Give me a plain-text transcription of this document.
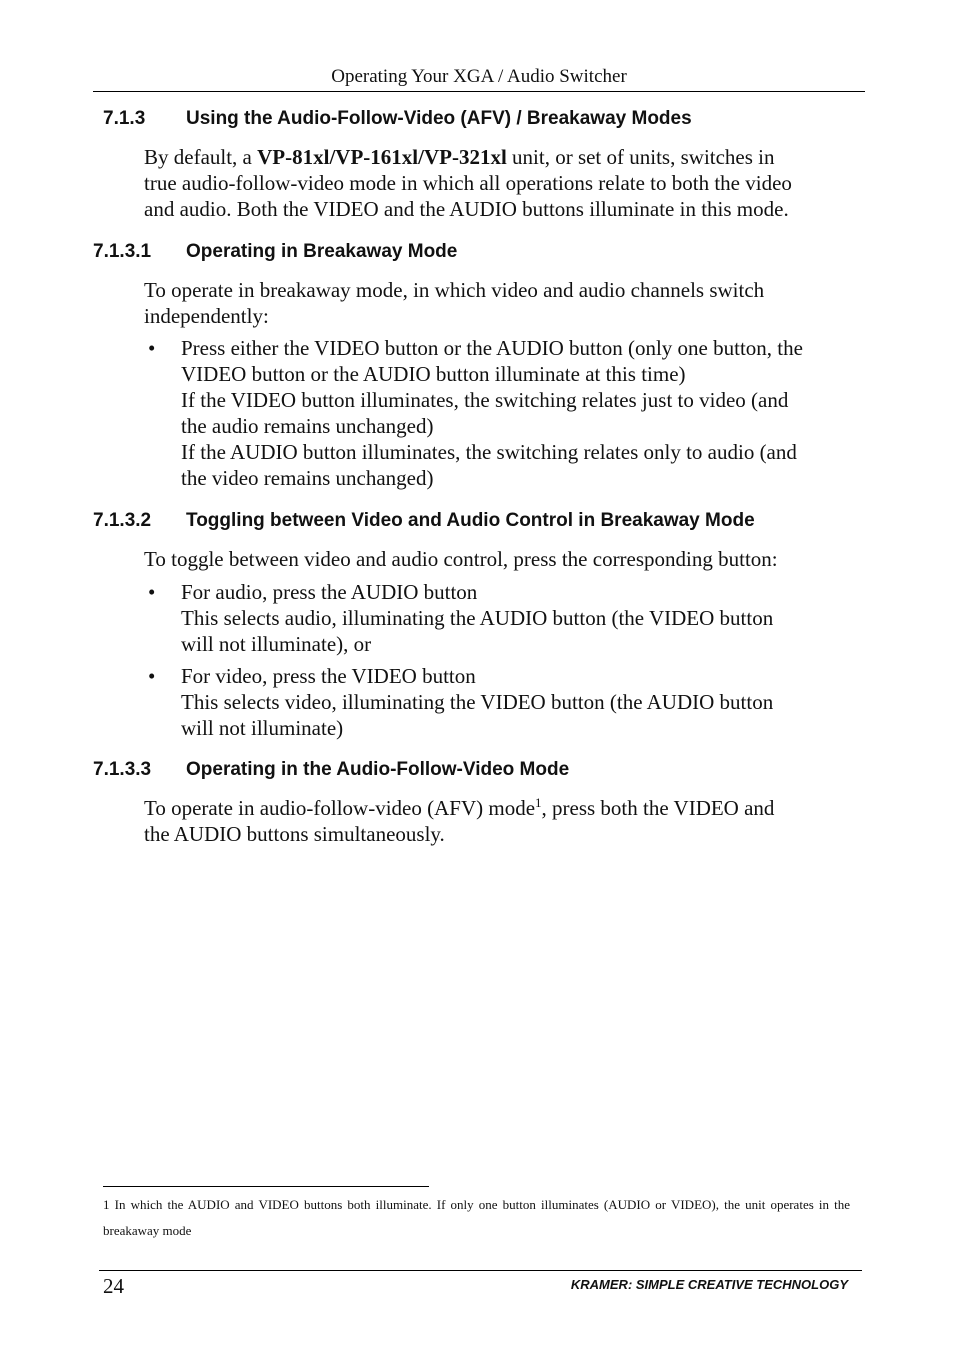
Operating Your XGA / Audio Switcher
7.1.3 Using the Audio-Follow-Video (AFV) / Breakaway Modes
By default, a VP-81xl/VP-161xl/VP-321xl unit, or set of units, switches in
true audio-follow-video mode in which all operations relate to both the video
and audio. Both the VIDEO and the AUDIO buttons illuminate in this mode.
7.1.3.1 Operating in Breakaway Mode
To operate in breakaway mode, in which video and audio channels switch
independently:
• Press either the VIDEO button or the AUDIO button (only one button, the
VIDEO button or the AUDIO button illuminate at this time)
If the VIDEO button illuminates, the switching relates just to video (and
the audio remains unchanged)
If the AUDIO button illuminates, the switching relates only to audio (and
the video remains unchanged)
7.1.3.2 Toggling between Video and Audio Control in Breakaway Mode
To toggle between video and audio control, press the corresponding button:
• For audio, press the AUDIO button
This selects audio, illuminating the AUDIO button (the VIDEO button
will not illuminate), or
• For video, press the VIDEO button
This selects video, illuminating the VIDEO button (the AUDIO button
will not illuminate)
7.1.3.3 Operating in the Audio-Follow-Video Mode
To operate in audio-follow-video (AFV) mode$^1$, press both the VIDEO and
the AUDIO buttons simultaneously.
1 In which the AUDIO and VIDEO buttons both illuminate. If only one button illuminates (AUDIO or VIDEO), the unit operates in the breakaway mode
24	KRAMER: SIMPLE CREATIVE TECHNOLOGY
